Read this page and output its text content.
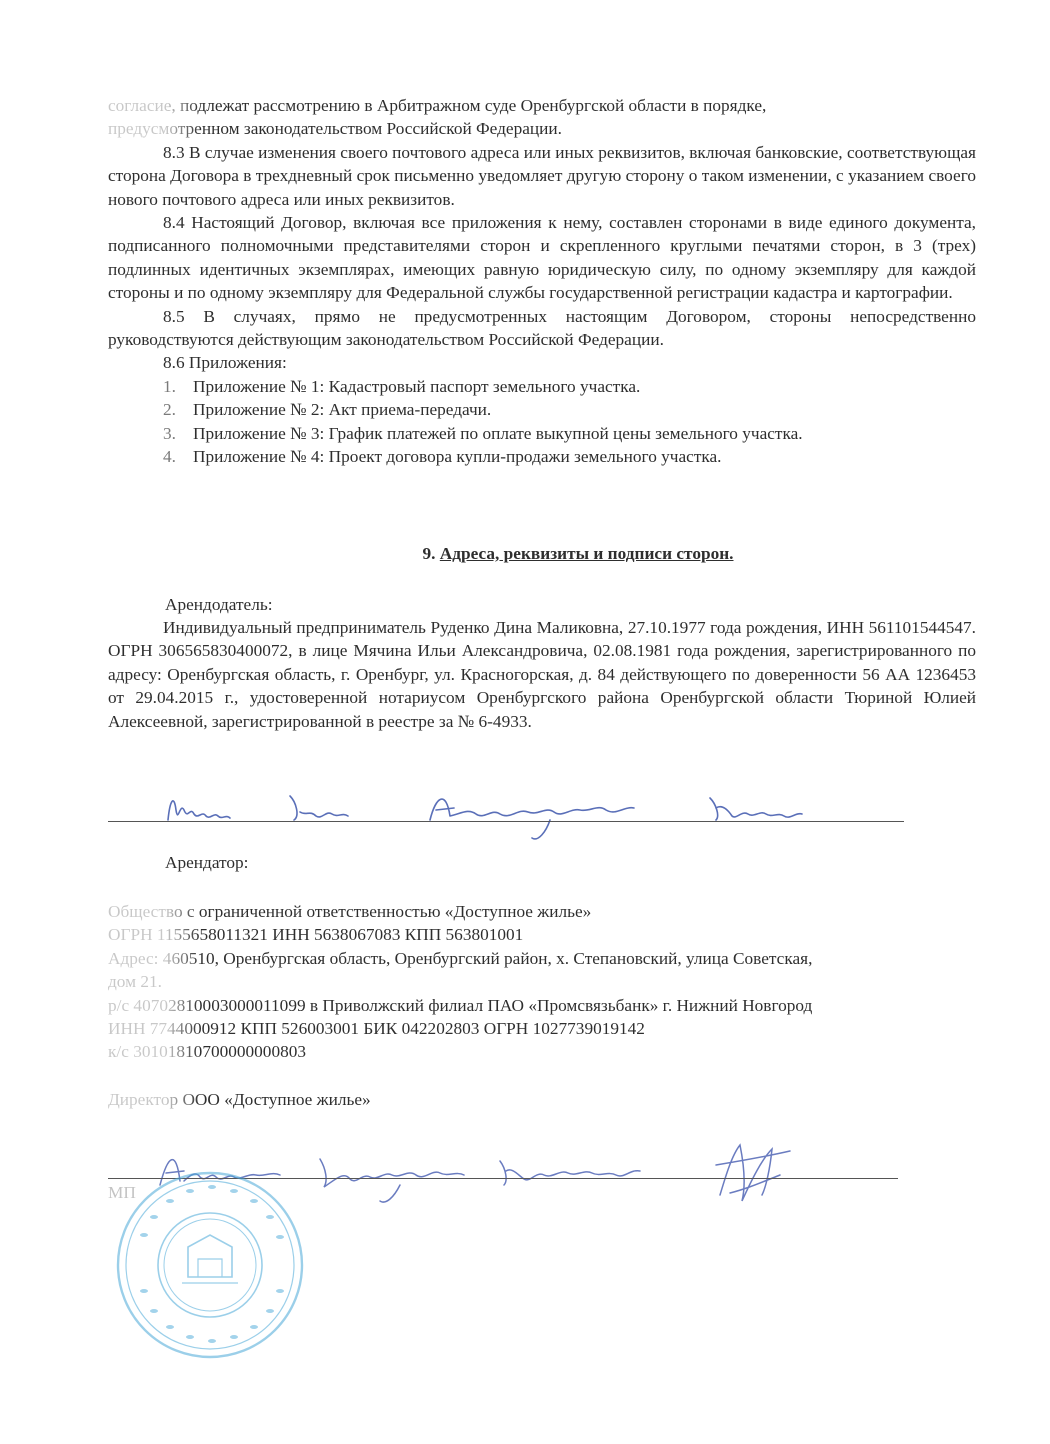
согласие, подлежат рассмотрению в Арбитражном суде Оренбургской области в порядке,

предусмотренном законодательством Российской Федерации.

8.3 В случае изменения своего почтового адреса или иных реквизитов, включая банковские, соответствующая сторона Договора в трехдневный срок письменно уведомляет другую сторону о таком изменении, с указанием своего нового почтового адреса или иных реквизитов.

8.4 Настоящий Договор, включая все приложения к нему, составлен сторонами в виде единого документа, подписанного полномочными представителями сторон и скрепленного круглыми печатями сторон, в 3 (трех) подлинных идентичных экземплярах, имеющих равную юридическую силу, по одному экземпляру для каждой стороны и по одному экземпляру для Федеральной службы государственной регистрации кадастра и картографии.

8.5 В случаях, прямо не предусмотренных настоящим Договором, стороны непосредственно руководствуются действующим законодательством Российской Федерации.

8.6 Приложения:

1. Приложение № 1: Кадастровый паспорт земельного участка.

2. Приложение № 2: Акт приема-передачи.

3. Приложение № 3: График платежей по оплате выкупной цены земельного участка.

4. Приложение № 4: Проект договора купли-продажи земельного участка.

9. Адреса, реквизиты и подписи сторон.
Арендодатель:

Индивидуальный предприниматель Руденко Дина Маликовна, 27.10.1977 года рождения, ИНН 561101544547. ОГРН 306565830400072, в лице Мячина Ильи Александровича, 02.08.1981 года рождения, зарегистрированного по адресу: Оренбургская область, г. Оренбург, ул. Красногорская, д. 84 действующего по доверенности 56 АА 1236453 от 29.04.2015 г., удостоверенной нотариусом Оренбургского района Оренбургской области Тюриной Юлией Алексеевной, зарегистрированной в реестре за № 6-4933.

Арендатор:

Общество с ограниченной ответственностью «Доступное жилье»

ОГРН 1155658011321 ИНН 5638067083 КПП 563801001

Адрес: 460510, Оренбургская область, Оренбургский район, х. Степановский, улица Советская,

дом 21.

р/с 40702810003000011099 в Приволжский филиал ПАО «Промсвязьбанк» г. Нижний Новгород

ИНН 7744000912 КПП 526003001 БИК 042202803 ОГРН 1027739019142

к/с 30101810700000000803

Директор ООО «Доступное жилье»

МП
